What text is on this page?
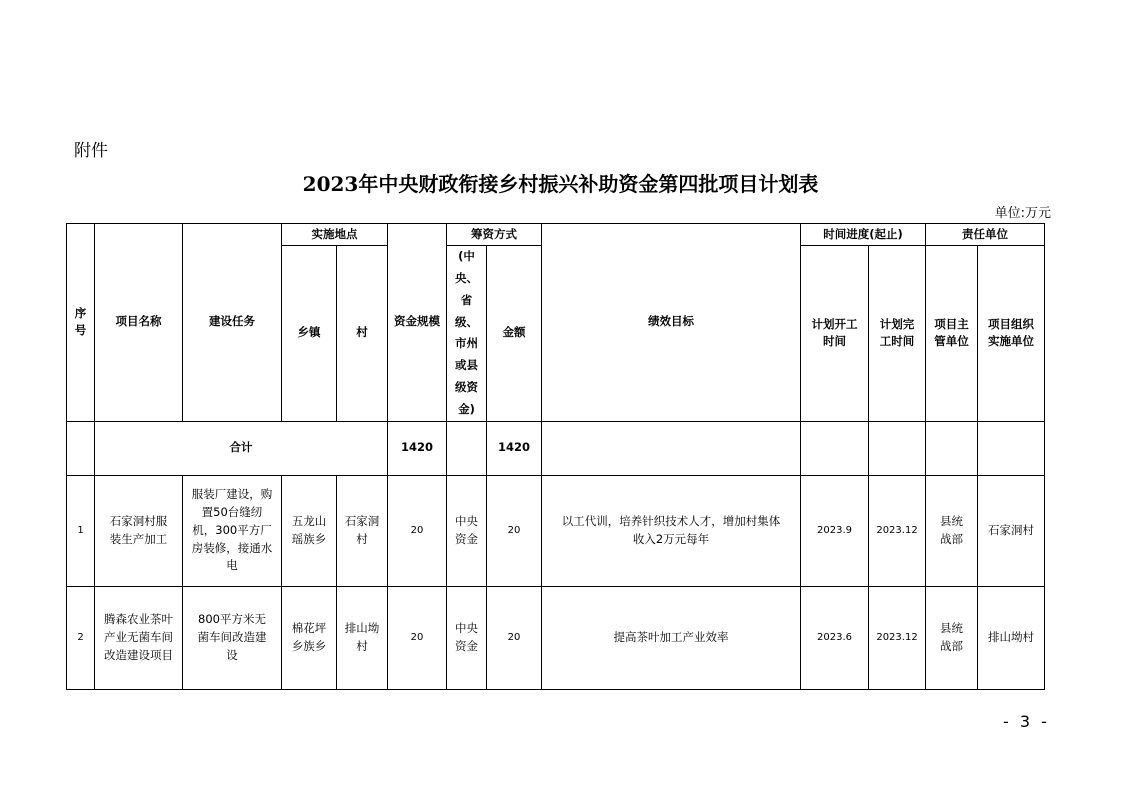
附件
2023年中央财政衔接乡村振兴补助资金第四批项目计划表
单位:万元
序号	项目名称	建设任务	实施地点		资金规模	筹资方式		绩效目标	时间进度(起止)		责任单位	
			乡镇	村		(中央、省级、市州或县级资金)	金额		计划开工时间	计划完工时间	项目主管单位	项目组织实施单位

	合计				1420		1420					
1	石家洞村服装生产加工	服装厂建设，购置50台缝纫机，300平方厂房装修，接通水电	五龙山瑶族乡	石家洞村	20	中央资金	20	以工代训，培养针织技术人才，增加村集体收入2万元每年	2023.9	2023.12	县统战部	石家洞村
2	腾森农业茶叶产业无菌车间改造建设项目	800平方米无菌车间改造建设	棉花坪乡族乡	排山坳村	20	中央资金	20	提高茶叶加工产业效率	2023.6	2023.12	县统战部	排山坳村
- 3 -
